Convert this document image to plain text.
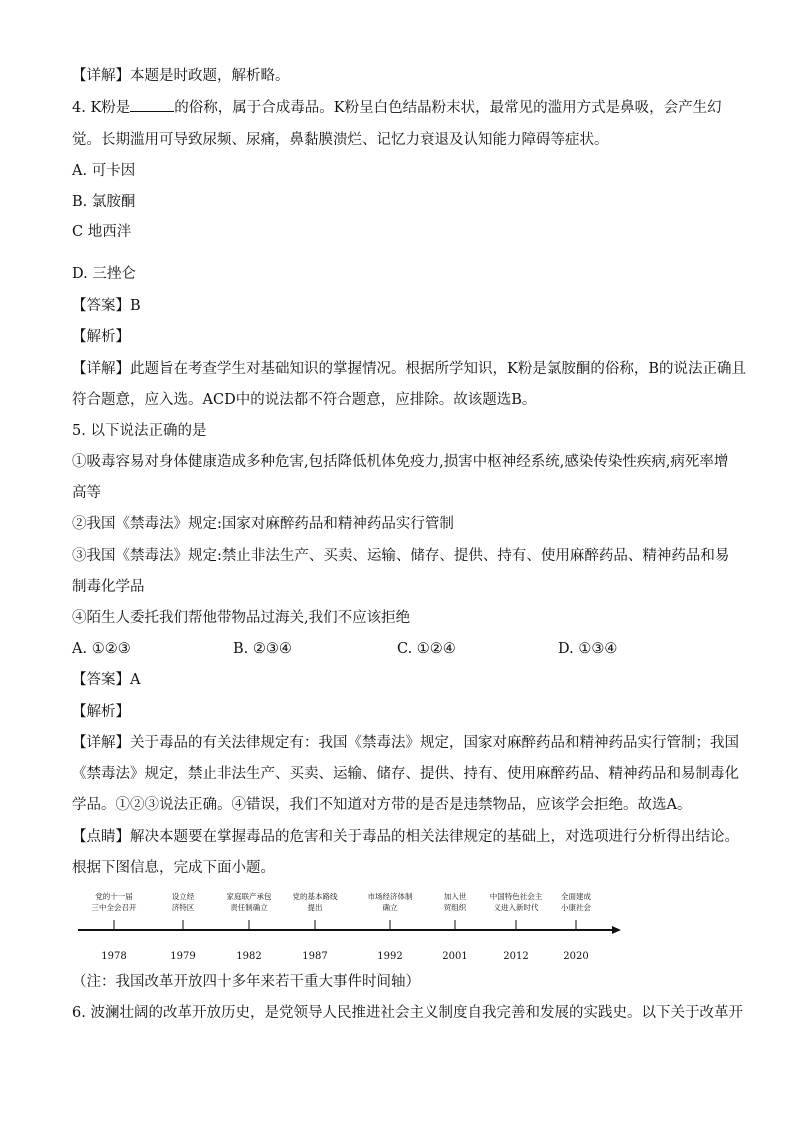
【详解】本题是时政题，解析略。
4. K粉是	的俗称，属于合成毒品。K粉呈白色结晶粉末状，最常见的滥用方式是鼻吸，会产生幻
觉。长期滥用可导致尿频、尿痛，鼻黏膜溃烂、记忆力衰退及认知能力障碍等症状。
A. 可卡因
B. 氯胺酮
C 地西泮
D. 三挫仑
【答案】B
【解析】
【详解】此题旨在考查学生对基础知识的掌握情况。根据所学知识，K粉是氯胺酮的俗称，B的说法正确且
符合题意，应入选。ACD中的说法都不符合题意，应排除。故该题选B。
5. 以下说法正确的是
①吸毒容易对身体健康造成多种危害,包括降低机体免疫力,损害中枢神经系统,感染传染性疾病,病死率增
高等
②我国《禁毒法》规定:国家对麻醉药品和精神药品实行管制
③我国《禁毒法》规定:禁止非法生产、买卖、运输、储存、提供、持有、使用麻醉药品、精神药品和易
制毒化学品
④陌生人委托我们帮他带物品过海关,我们不应该拒绝
A. ①②③	B. ②③④	C. ①②④	D. ①③④
【答案】A
【解析】
【详解】关于毒品的有关法律规定有：我国《禁毒法》规定，国家对麻醉药品和精神药品实行管制；我国
《禁毒法》规定，禁止非法生产、买卖、运输、储存、提供、持有、使用麻醉药品、精神药品和易制毒化
学品。①②③说法正确。④错误，我们不知道对方带的是否是违禁物品，应该学会拒绝。故选A。
【点睛】解决本题要在掌握毒品的危害和关于毒品的相关法律规定的基础上，对选项进行分析得出结论。
根据下图信息，完成下面小题。
党的十一届
三中全会召开
1978
设立经
济特区
1979
家庭联产承包
责任制确立
1982
党的基本路线
提出
1987
市场经济体制
确立
1992
加入世
贸组织
2001
中国特色社会主
义进入新时代
2012
全面建成
小康社会
2020
（注：我国改革开放四十多年来若干重大事件时间轴）
6. 波澜壮阔的改革开放历史，是党领导人民推进社会主义制度自我完善和发展的实践史。以下关于改革开
